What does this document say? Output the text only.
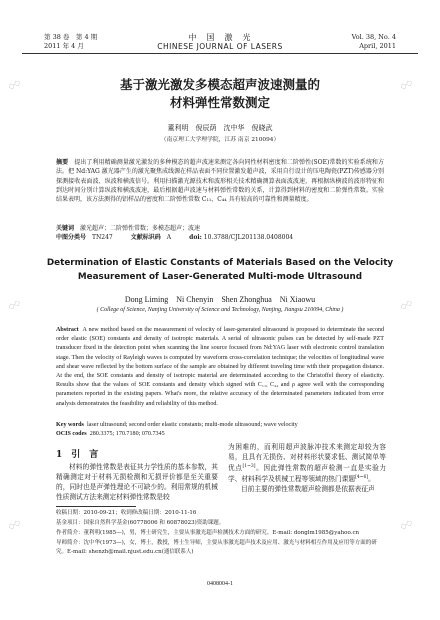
第 38 卷　第 4 期
2011 年 4 月
中　国　激　光
CHINESE JOURNAL OF LASERS
Vol. 38, No. 4
April, 2011
基于激光激发多模态超声波速测量的
材料弹性常数测定
董利明　倪辰荫　沈中华　倪晓武
（南京理工大学理学院，江苏 南京 210094）
摘要　 提出了利用精确测量激光激发的多种模态的超声波速来测定各向同性材料密度和二阶弹性(SOE)常数的实验系统和方法。把 Nd:YAG 激光器产生的激光聚焦成线源在样品表面不同位置激发超声波，采用自行设计的压电陶瓷(PZT)传感器分别探测接收表面波、纵波和横波信号。利用扫描激光源技术和波形相关技术精确测算表面波波速，再根据纵横波的波形特征和到达时间分别计算纵波和横波波速，最后根据超声波速与材料弹性常数的关系，计算得到材料的密度和二阶弹性常数。实验结果表明，该方法测得的铝样品的密度和二阶弹性常数 C₁₁、C₄₄ 具有较高的可靠性和测量精度。
关键词　 激光超声；二阶弹性常数；多模态超声；波速
中图分类号　 TN247　　　	文献标识码　 A　　　	doi: 10.3788/CJL201138.0408004
Determination of Elastic Constants of Materials Based on the Velocity
Measurement of Laser-Generated Multi-mode Ultrasound
Dong Liming　Ni Chenyin　Shen Zhonghua　Ni Xiaowu
( College of Science, Nanjing University of Science and Technology, Nanjing, Jiangsu 210094, China )
Abstract A new method based on the measurement of velocity of laser-generated ultrasound is proposed to determinate the second order elastic (SOE) constants and density of isotropic materials. A serial of ultrasonic pulses can be detected by self-made PZT transducer fixed in the detection point when scanning the line source focused from Nd:YAG laser with electronic control translation stage. Then the velocity of Rayleigh waves is computed by waveform cross-correlation technique; the velocities of longitudinal wave and shear wave reflected by the bottom surface of the sample are obtained by different traveling time with their propagation distance. At the end, the SOE constants and density of isotropic material are determinated according to the Christoffel theory of elasticity. Results show that the values of SOE constants and density which signed with C₁₁, C₄₄ and ρ agree well with the corresponding parameters reported in the existing papers. What's more, the relative accuracy of the determinated parameters indicated from error analysis demonstrates the feasibility and reliability of this method.
Key words laser ultrasound; second order elastic constants; multi-mode ultrasound; wave velocity
OCIS codes 280.3375; 170.7180; 070.7345
1　 引　言
材料的弹性常数是表征其力学性质的基本参数，其精确测定对于材料无损检测和无损评价都是至关重要的，同时也是声弹性理论不可缺少的。利用常规的机械性质测试方法来测定材料弹性常数是较
为困难的，而利用超声波脉冲技术来测定却较为容易，且具有无损伤、对材料形状要求低、测试简单等优点[1~3]。因此弹性常数的超声检测一直是实验力学、材料科学及机械工程等领域的热门课题[4~6]。
目前主要的弹性常数超声检测都是依据表征声
收稿日期：2010-09-21；收到修改稿日期：2010-11-16
基金项目：国家自然科学基金(60778006 和 60878023)资助课题。
作者简介：董利明(1985—)，男，博士研究生，主要从事激光超声检测技术方面的研究。E-mail: donglm1985@yahoo.cn
导师简介：沈中华(1973—)，女，博士，教授，博士生导师，主要从事激光超声技术及应用、激光与材料相互作用及应用等方面的研究。E-mail: shenzh@mail.njust.edu.cn(通信联系人)
0408004-1
◇◇	◇◇
◇◇	◇◇
◇◇	◇◇
